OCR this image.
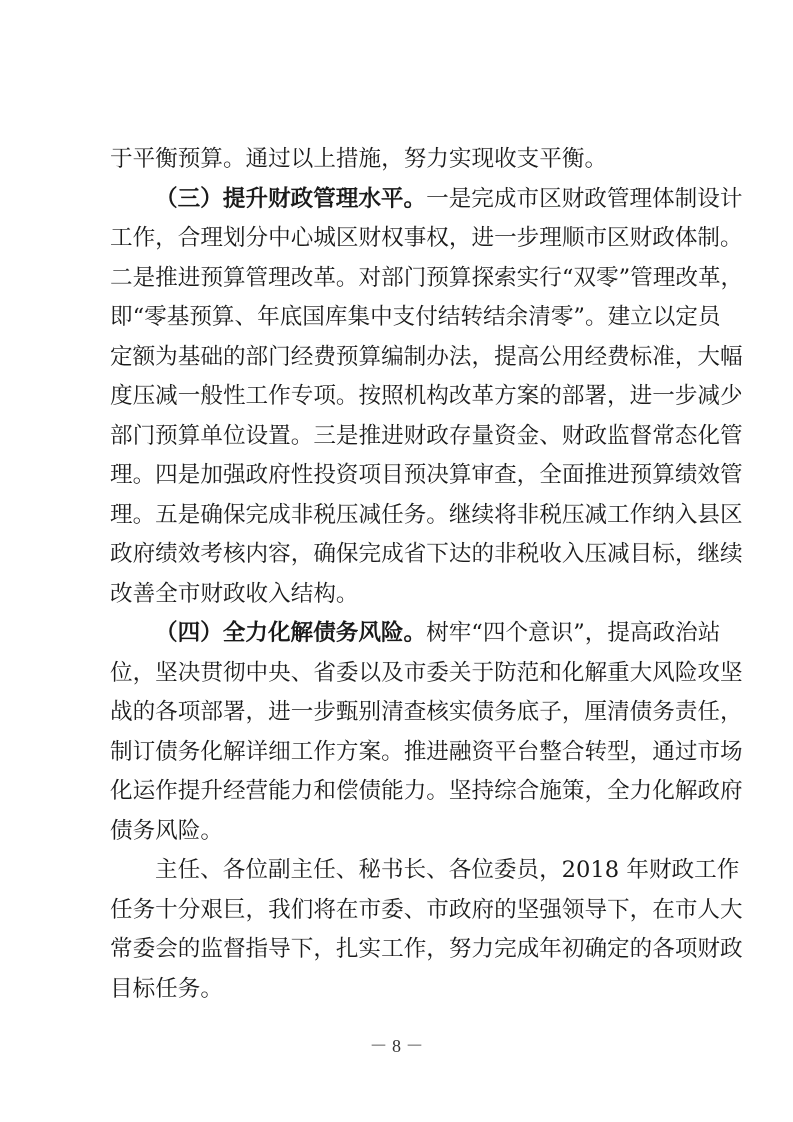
于平衡预算。通过以上措施，努力实现收支平衡。
（三）提升财政管理水平。一是完成市区财政管理体制设计
工作，合理划分中心城区财权事权，进一步理顺市区财政体制。
二是推进预算管理改革。对部门预算探索实行“双零”管理改革，
即“零基预算、年底国库集中支付结转结余清零”。建立以定员
定额为基础的部门经费预算编制办法，提高公用经费标准，大幅
度压减一般性工作专项。按照机构改革方案的部署，进一步减少
部门预算单位设置。三是推进财政存量资金、财政监督常态化管
理。四是加强政府性投资项目预决算审查，全面推进预算绩效管
理。五是确保完成非税压减任务。继续将非税压减工作纳入县区
政府绩效考核内容，确保完成省下达的非税收入压减目标，继续
改善全市财政收入结构。
（四）全力化解债务风险。树牢“四个意识”，提高政治站
位，坚决贯彻中央、省委以及市委关于防范和化解重大风险攻坚
战的各项部署，进一步甄别清查核实债务底子，厘清债务责任，
制订债务化解详细工作方案。推进融资平台整合转型，通过市场
化运作提升经营能力和偿债能力。坚持综合施策，全力化解政府
债务风险。
主任、各位副主任、秘书长、各位委员，2018 年财政工作
任务十分艰巨，我们将在市委、市政府的坚强领导下，在市人大
常委会的监督指导下，扎实工作，努力完成年初确定的各项财政
目标任务。
－ 8 －
